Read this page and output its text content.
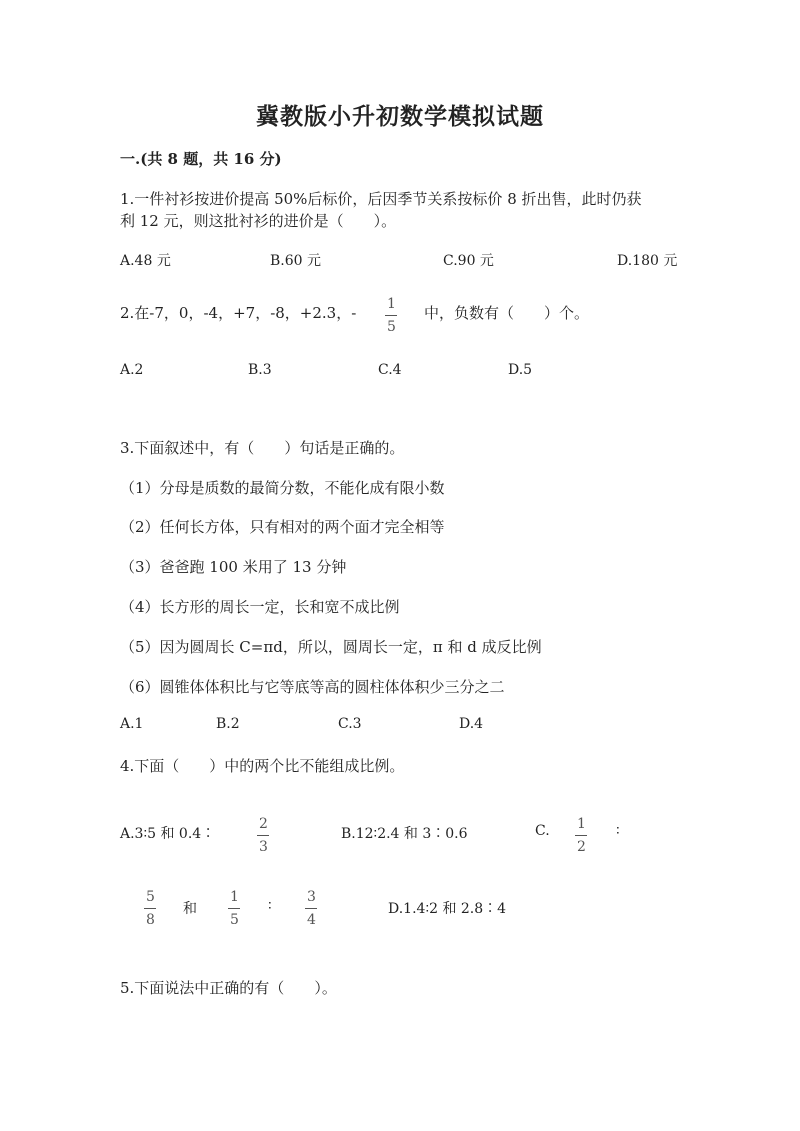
冀教版小升初数学模拟试题
一.(共 8 题，共 16 分)
1.一件衬衫按进价提高 50%后标价，后因季节关系按标价 8 折出售，此时仍获
利 12 元，则这批衬衫的进价是（　　）。
A.48 元	B.60 元	C.90 元	D.180 元
2.在-7，0，-4，+7，-8，+2.3，- 1
5
中，负数有（　　）个。
A.2	B.3	C.4	D.5
3.下面叙述中，有（　　）句话是正确的。
（1）分母是质数的最简分数，不能化成有限小数
（2）任何长方体，只有相对的两个面才完全相等
（3）爸爸跑 100 米用了 13 分钟
（4）长方形的周长一定，长和宽不成比例
（5）因为圆周长 C=πd，所以，圆周长一定，π 和 d 成反比例
（6）圆锥体体积比与它等底等高的圆柱体体积少三分之二
A.1	B.2	C.3	D.4
4.下面（　　）中的两个比不能组成比例。
A.3∶5 和 0.4∶
2
3
B.12∶2.4 和 3∶0.6	C. 1
2
∶
5
8
和
1
5
∶
3
4
D.1.4∶2 和 2.8∶4
5.下面说法中正确的有（　　）。
